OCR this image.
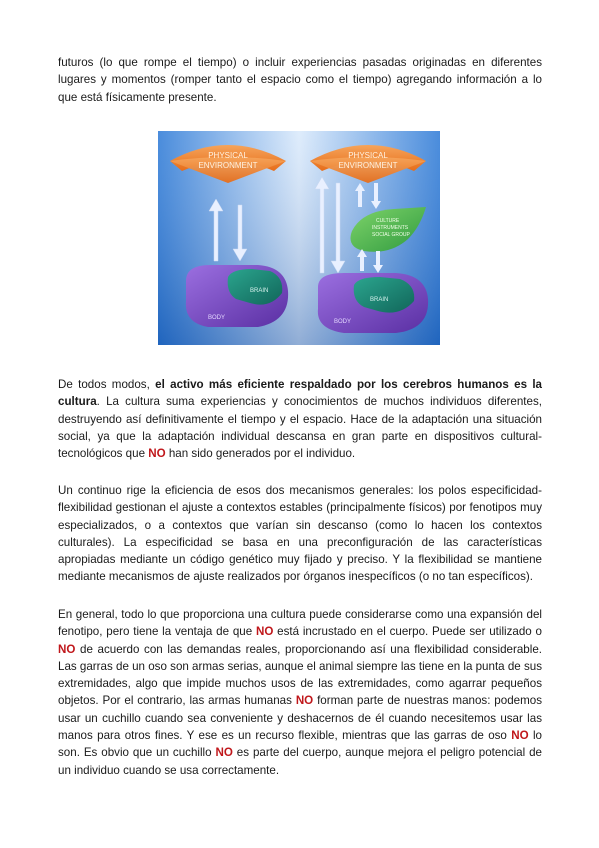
futuros (lo que rompe el tiempo) o incluir experiencias pasadas originadas en diferentes lugares y momentos (romper tanto el espacio como el tiempo) agregando información a lo que está físicamente presente.

PHYSICAL
ENVIRONMENT
BRAIN
BODY
PHYSICAL
ENVIRONMENT
CULTURE
INSTRUMENTS
SOCIAL GROUP
BRAIN
BODY

De todos modos, el activo más eficiente respaldado por los cerebros humanos es la cultura. La cultura suma experiencias y conocimientos de muchos individuos diferentes, destruyendo así definitivamente el tiempo y el espacio. Hace de la adaptación una situación social, ya que la adaptación individual descansa en gran parte en dispositivos cultural-tecnológicos que NO han sido generados por el individuo.

Un continuo rige la eficiencia de esos dos mecanismos generales: los polos especificidad-flexibilidad gestionan el ajuste a contextos estables (principalmente físicos) por fenotipos muy especializados, o a contextos que varían sin descanso (como lo hacen los contextos culturales). La especificidad se basa en una preconfiguración de las características apropiadas mediante un código genético muy fijado y preciso. Y la flexibilidad se mantiene mediante mecanismos de ajuste realizados por órganos inespecíficos (o no tan específicos).

En general, todo lo que proporciona una cultura puede considerarse como una expansión del fenotipo, pero tiene la ventaja de que NO está incrustado en el cuerpo. Puede ser utilizado o NO de acuerdo con las demandas reales, proporcionando así una flexibilidad considerable. Las garras de un oso son armas serias, aunque el animal siempre las tiene en la punta de sus extremidades, algo que impide muchos usos de las extremidades, como agarrar pequeños objetos. Por el contrario, las armas humanas NO forman parte de nuestras manos: podemos usar un cuchillo cuando sea conveniente y deshacernos de él cuando necesitemos usar las manos para otros fines. Y ese es un recurso flexible, mientras que las garras de oso NO lo son. Es obvio que un cuchillo NO es parte del cuerpo, aunque mejora el peligro potencial de un individuo cuando se usa correctamente.
